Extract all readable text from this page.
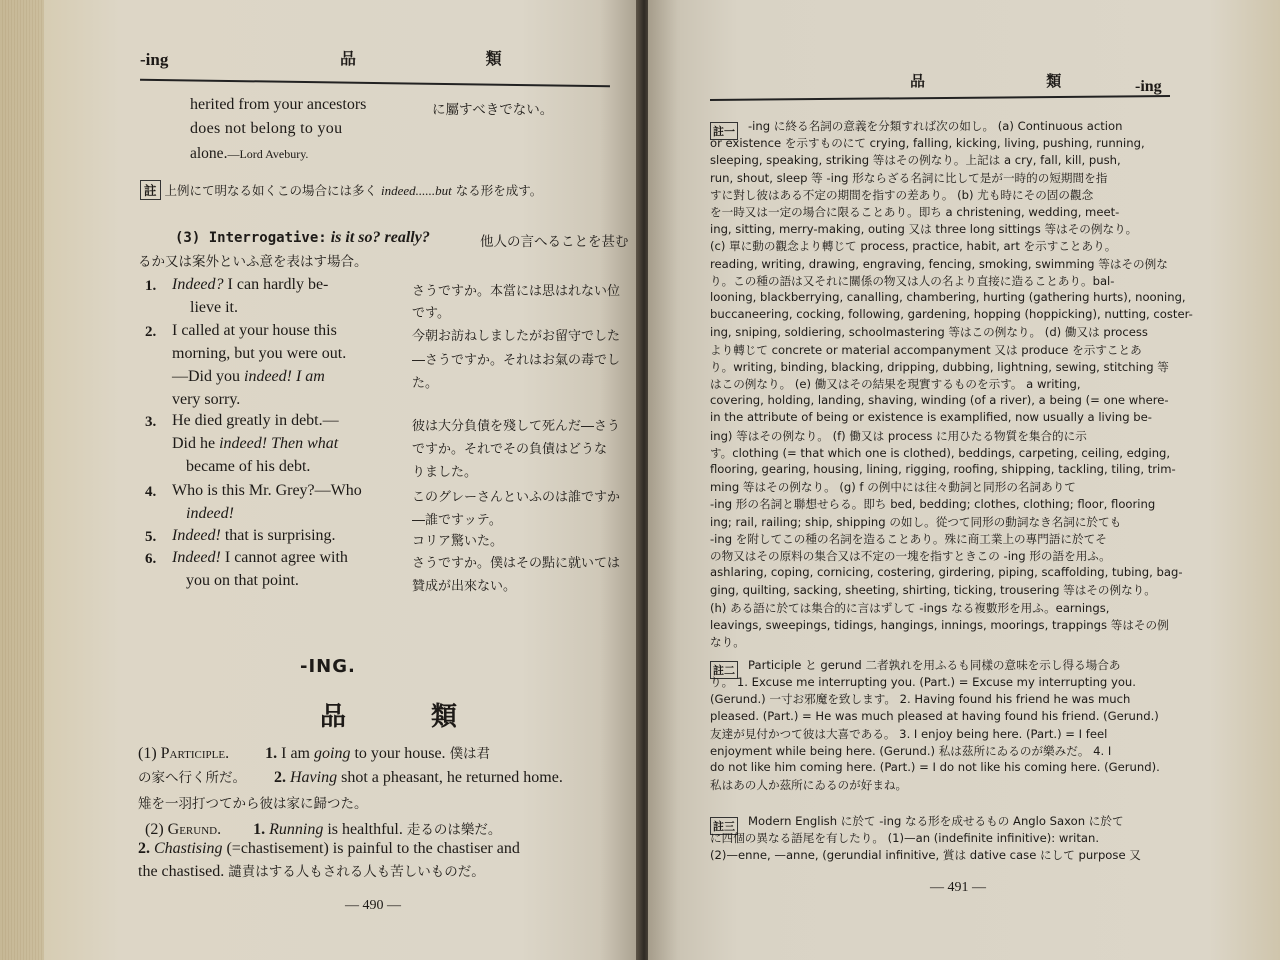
-ing	品 類
herited from your ancestors
does not belong to you
alone.—Lord Avebury.
に屬すべきでない。
註 上例にて明なる如くこの場合には多く indeed......but なる形を成す。
(3) Interrogative: is it so? really?	他人の言へることを甚む
るか又は案外といふ意を表はす場合。
1. Indeed? I can hardly be-
lieve it.
さうですか。本當には思はれない位
です。
2. I called at your house this
morning, but you were out.
—Did you indeed! I am
very sorry.
今朝お訪ねしましたがお留守でした
―さうですか。それはお氣の毒でし
た。
3. He died greatly in debt.—
Did he indeed! Then what
became of his debt.
彼は大分負債を殘して死んだ―さう
ですか。それでその負債はどうな
りました。
4. Who is this Mr. Grey?—Who
indeed!
このグレーさんといふのは誰ですか
―誰ですッテ。
5. Indeed! that is surprising.	コリア驚いた。
6. Indeed! I cannot agree with
you on that point.
さうですか。僕はその點に就いては
贊成が出來ない。
-ING.
品 類
(1) Participle. 1. I am going to your house. 僕は君
の家へ行く所だ。 2. Having shot a pheasant, he returned home.
雉を一羽打つてから彼は家に歸つた。
(2) Gerund. 1. Running is healthful. 走るのは樂だ。
2. Chastising (=chastisement) is painful to the chastiser and
the chastised. 譴責はする人もされる人も苦しいものだ。
— 490 —
品 類 -ing
註一 -ing に終る名詞の意義を分類すれば次の如し。 (a) Continuous action
or existence を示すものにて crying, falling, kicking, living, pushing, running,
sleeping, speaking, striking 等はその例なり。上記は a cry, fall, kill, push,
run, shout, sleep 等 -ing 形ならざる名詞に比して是が一時的の短期間を指
すに對し彼はある不定の期間を指すの差あり。 (b) 尤も時にその固の觀念
を一時又は一定の場合に限ることあり。即ち a christening, wedding, meet-
ing, sitting, merry-making, outing 又は three long sittings 等はその例なり。
(c) 單に動の觀念より轉じて process, practice, habit, art を示すことあり。
reading, writing, drawing, engraving, fencing, smoking, swimming 等はその例な
り。この種の語は又それに關係の物又は人の名より直接に造ることあり。bal-
looning, blackberrying, canalling, chambering, hurting (gathering hurts), nooning,
buccaneering, cocking, following, gardening, hopping (hoppicking), nutting, coster-
ing, sniping, soldiering, schoolmastering 等はこの例なり。 (d) 働又は process
より轉じて concrete or material accompanyment 又は produce を示すことあ
り。writing, binding, blacking, dripping, dubbing, lightning, sewing, stitching 等
はこの例なり。 (e) 働又はその結果を現實するものを示す。 a writing,
covering, holding, landing, shaving, winding (of a river), a being (= one where-
in the attribute of being or existence is examplified, now usually a living be-
ing) 等はその例なり。 (f) 働又は process に用ひたる物質を集合的に示
す。clothing (= that which one is clothed), beddings, carpeting, ceiling, edging,
flooring, gearing, housing, lining, rigging, roofing, shipping, tackling, tiling, trim-
ming 等はその例なり。 (g) f の例中には往々動詞と同形の名詞ありて
-ing 形の名詞と聯想せらる。即ち bed, bedding; clothes, clothing; floor, flooring
ing; rail, railing; ship, shipping の如し。從つて同形の動詞なき名詞に於ても
-ing を附してこの種の名詞を造ることあり。殊に商工業上の專門語に於てそ
の物又はその原料の集合又は不定の一塊を指すときこの -ing 形の語を用ふ。
ashlaring, coping, cornicing, costering, girdering, piping, scaffolding, tubing, bag-
ging, quilting, sacking, sheeting, shirting, ticking, trousering 等はその例なり。
(h) ある語に於ては集合的に言はずして -ings なる複數形を用ふ。earnings,
leavings, sweepings, tidings, hangings, innings, moorings, trappings 等はその例
なり。
註二 Participle と gerund 二者孰れを用ふるも同樣の意味を示し得る場合あ
り。 1. Excuse me interrupting you. (Part.) = Excuse my interrupting you.
(Gerund.) 一寸お邪魔を致します。 2. Having found his friend he was much
pleased. (Part.) = He was much pleased at having found his friend. (Gerund.)
友達が見付かつて彼は大喜である。 3. I enjoy being here. (Part.) = I feel
enjoyment while being here. (Gerund.) 私は茲所にゐるのが樂みだ。 4. I
do not like him coming here. (Part.) = I do not like his coming here. (Gerund).
私はあの人か茲所にゐるのが好まね。
註三 Modern English に於て -ing なる形を成せるもの Anglo Saxon に於て
に四個の異なる語尾を有したり。 (1)—an (indefinite infinitive): writan.
(2)—enne, —anne, (gerundial infinitive, 賞は dative case にして purpose 又
— 491 —
